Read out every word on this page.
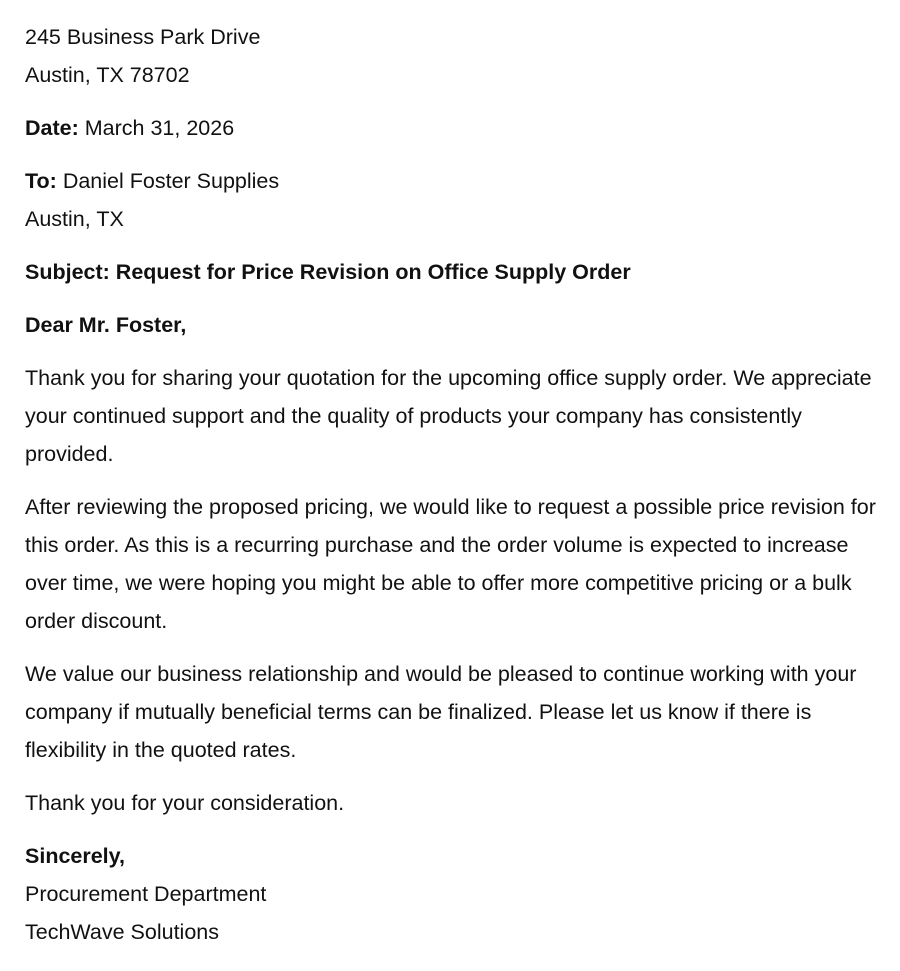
245 Business Park Drive
Austin, TX 78702
Date: March 31, 2026
To: Daniel Foster Supplies
Austin, TX
Subject: Request for Price Revision on Office Supply Order
Dear Mr. Foster,

Thank you for sharing your quotation for the upcoming office supply order. We appreciate your continued support and the quality of products your company has consistently provided.

After reviewing the proposed pricing, we would like to request a possible price revision for this order. As this is a recurring purchase and the order volume is expected to increase over time, we were hoping you might be able to offer more competitive pricing or a bulk order discount.

We value our business relationship and would be pleased to continue working with your company if mutually beneficial terms can be finalized. Please let us know if there is flexibility in the quoted rates.

Thank you for your consideration.

Sincerely,
Procurement Department
TechWave Solutions
